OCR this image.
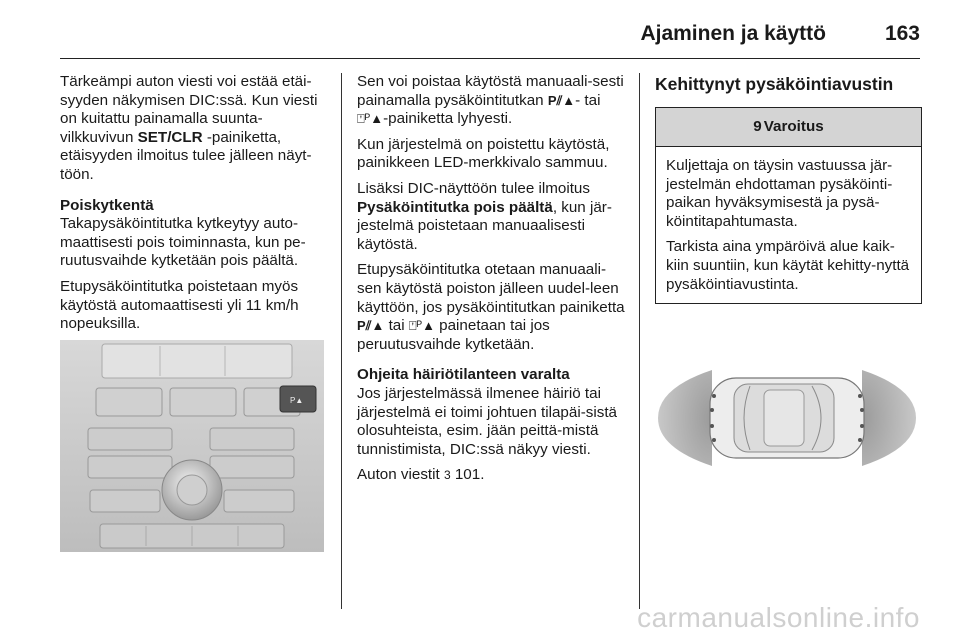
Ajaminen ja käyttö	163

Tärkeämpi auton viesti voi estää etäi-syyden näkymisen DIC:ssä. Kun viesti on kuitattu painamalla suunta-vilkkuvivun SET/CLR -painiketta, etäisyyden ilmoitus tulee jälleen näyt-töön.

Poiskytkentä

Takapysäköintitutka kytkeytyy auto-maattisesti pois toiminnasta, kun pe-ruutusvaihde kytketään pois päältä.

Etupysäköintitutka poistetaan myös käytöstä automaattisesti yli 11 km/h nopeuksilla.

P▲

Sen voi poistaa käytöstä manuaali-sesti painamalla pysäköintitutkan P⫽▲- tai ⍞ᴾ▲-painiketta lyhyesti.

Kun järjestelmä on poistettu käytöstä, painikkeen LED-merkkivalo sammuu.

Lisäksi DIC-näyttöön tulee ilmoitus Pysäköintitutka pois päältä, kun jär-jestelmä poistetaan manuaalisesti käytöstä.

Etupysäköintitutka otetaan manuaali-sen käytöstä poiston jälleen uudel-leen käyttöön, jos pysäköintitutkan painiketta P⫽▲ tai ⍞ᴾ▲ painetaan tai jos peruutusvaihde kytketään.

Ohjeita häiriötilanteen varalta

Jos järjestelmässä ilmenee häiriö tai järjestelmä ei toimi johtuen tilapäi-sistä olosuhteista, esim. jään peittä-mistä tunnistimista, DIC:ssä näkyy viesti.

Auton viestit 3 101.

Kehittynyt pysäköintiavustin

9 Varoitus

Kuljettaja on täysin vastuussa jär-jestelmän ehdottaman pysäköinti-paikan hyväksymisestä ja pysä-köintitapahtumasta.

Tarkista aina ympäröivä alue kaik-kiin suuntiin, kun käytät kehitty-nyttä pysäköintiavustinta.

carmanualsonline.info
